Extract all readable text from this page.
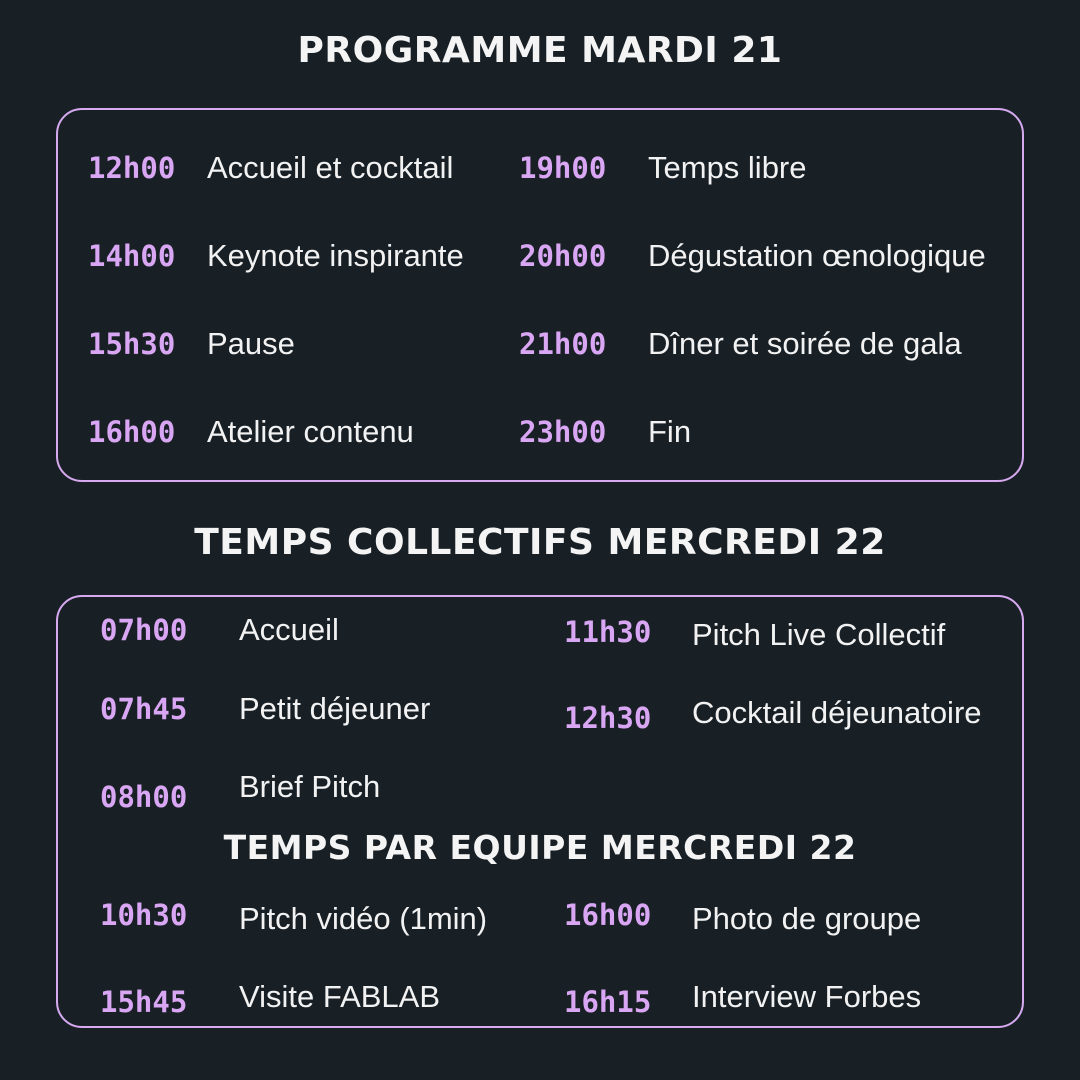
PROGRAMME MARDI 21
12h00 Accueil et cocktail
14h00 Keynote inspirante
15h30 Pause
16h00 Atelier contenu
19h00 Temps libre
20h00 Dégustation œnologique
21h00 Dîner et soirée de gala
23h00 Fin
TEMPS COLLECTIFS MERCREDI 22
07h00 Accueil
07h45 Petit déjeuner
08h00 Brief Pitch
11h30 Pitch Live Collectif
12h30 Cocktail déjeunatoire
10h30 Pitch vidéo (1min)
15h45 Visite FABLAB
16h00 Photo de groupe
16h15 Interview Forbes
TEMPS PAR EQUIPE MERCREDI 22
